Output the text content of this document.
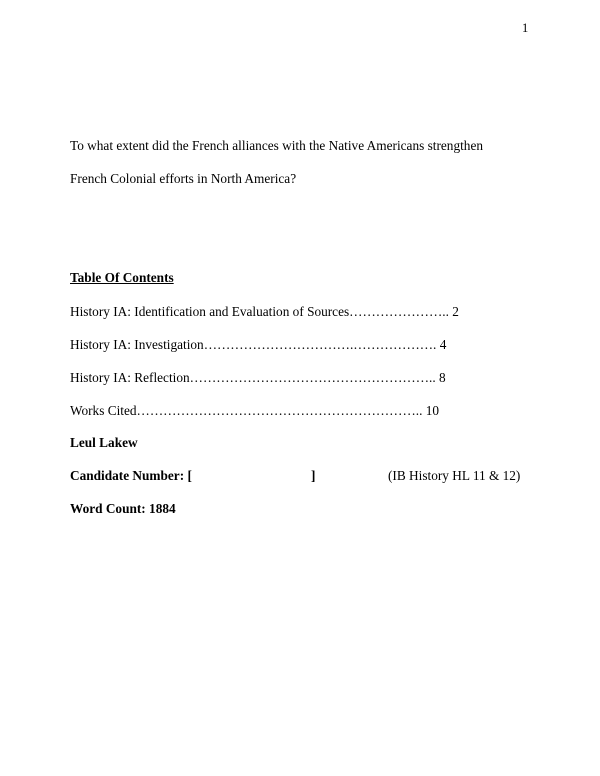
1
To what extent did the French alliances with the Native Americans strengthen
French Colonial efforts in North America?
Table Of Contents
History IA: Identification and Evaluation of Sources………………….. 2
History IA: Investigation…………………………….………………. 4
History IA: Reflection……………………………………………….. 8
Works Cited……………………………………………………….. 10
Leul Lakew
Candidate Number: [	]	(IB History HL 11 & 12)
Word Count: 1884
